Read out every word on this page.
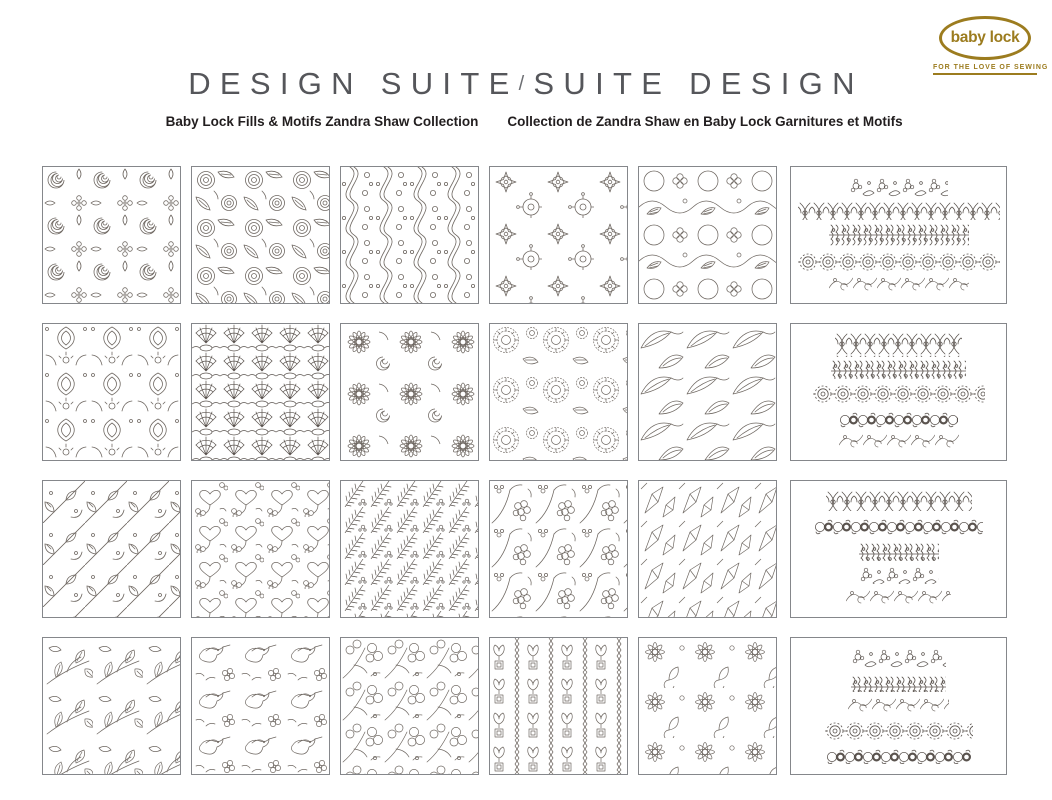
baby lock
FOR THE LOVE OF SEWING
DESIGN SUITE/SUITE DESIGN
Baby Lock Fills & Motifs Zandra Shaw Collection	Collection de Zandra Shaw en Baby Lock Garnitures et Motifs
